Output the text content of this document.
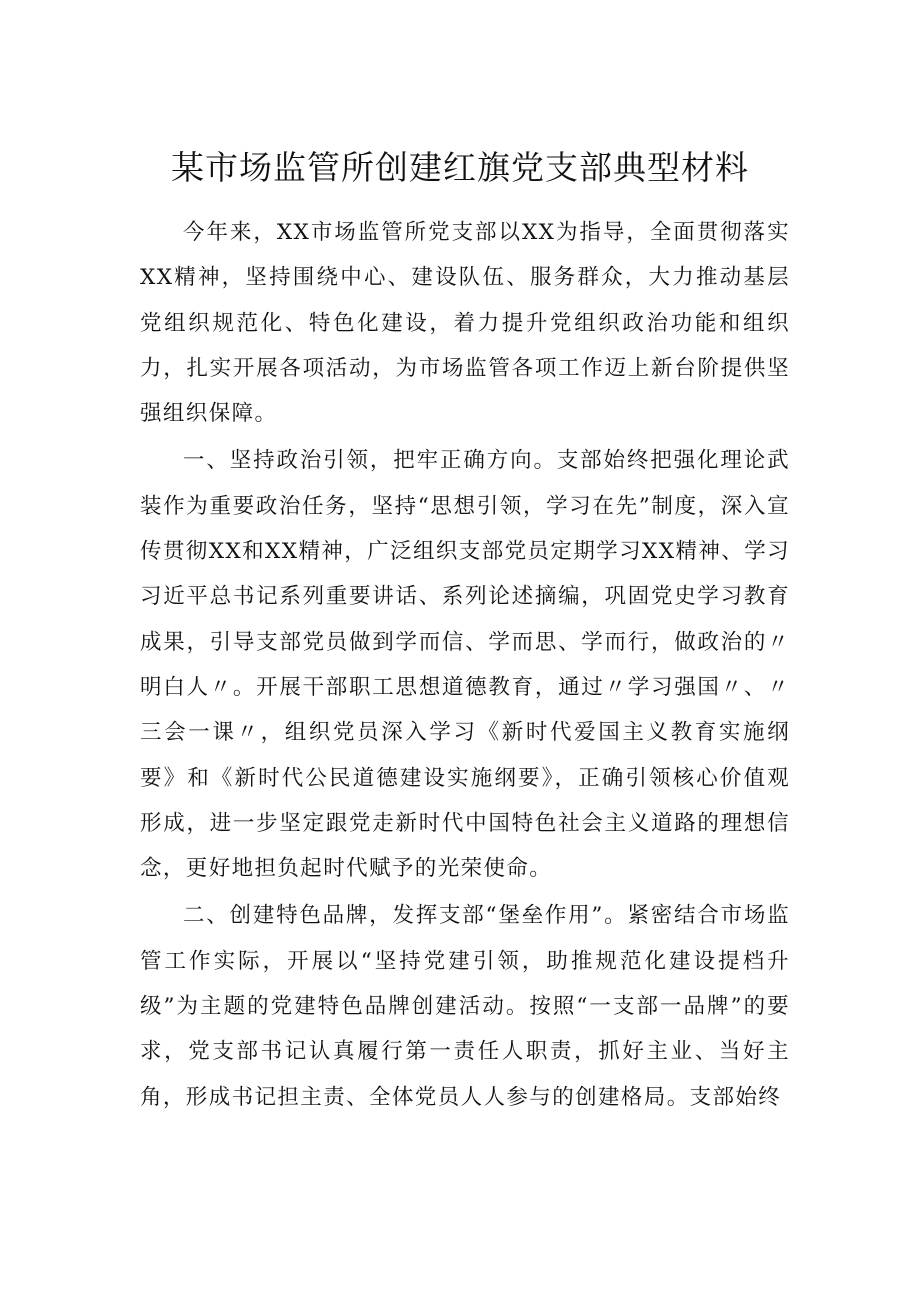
某市场监管所创建红旗党支部典型材料

今年来，XX市场监管所党支部以XX为指导，全面贯彻落实XX精神，坚持围绕中心、建设队伍、服务群众，大力推动基层党组织规范化、特色化建设，着力提升党组织政治功能和组织力，扎实开展各项活动，为市场监管各项工作迈上新台阶提供坚强组织保障。

一、坚持政治引领，把牢正确方向。支部始终把强化理论武装作为重要政治任务，坚持“思想引领，学习在先”制度，深入宣传贯彻XX和XX精神，广泛组织支部党员定期学习XX精神、学习习近平总书记系列重要讲话、系列论述摘编，巩固党史学习教育成果，引导支部党员做到学而信、学而思、学而行，做政治的〃明白人〃。开展干部职工思想道德教育，通过〃学习强国〃、〃三会一课〃，组织党员深入学习《新时代爱国主义教育实施纲要》和《新时代公民道德建设实施纲要》，正确引领核心价值观形成，进一步坚定跟党走新时代中国特色社会主义道路的理想信念，更好地担负起时代赋予的光荣使命。

二、创建特色品牌，发挥支部“堡垒作用”。紧密结合市场监管工作实际，开展以“坚持党建引领，助推规范化建设提档升级”为主题的党建特色品牌创建活动。按照“一支部一品牌”的要求，党支部书记认真履行第一责任人职责，抓好主业、当好主角，形成书记担主责、全体党员人人参与的创建格局。支部始终
